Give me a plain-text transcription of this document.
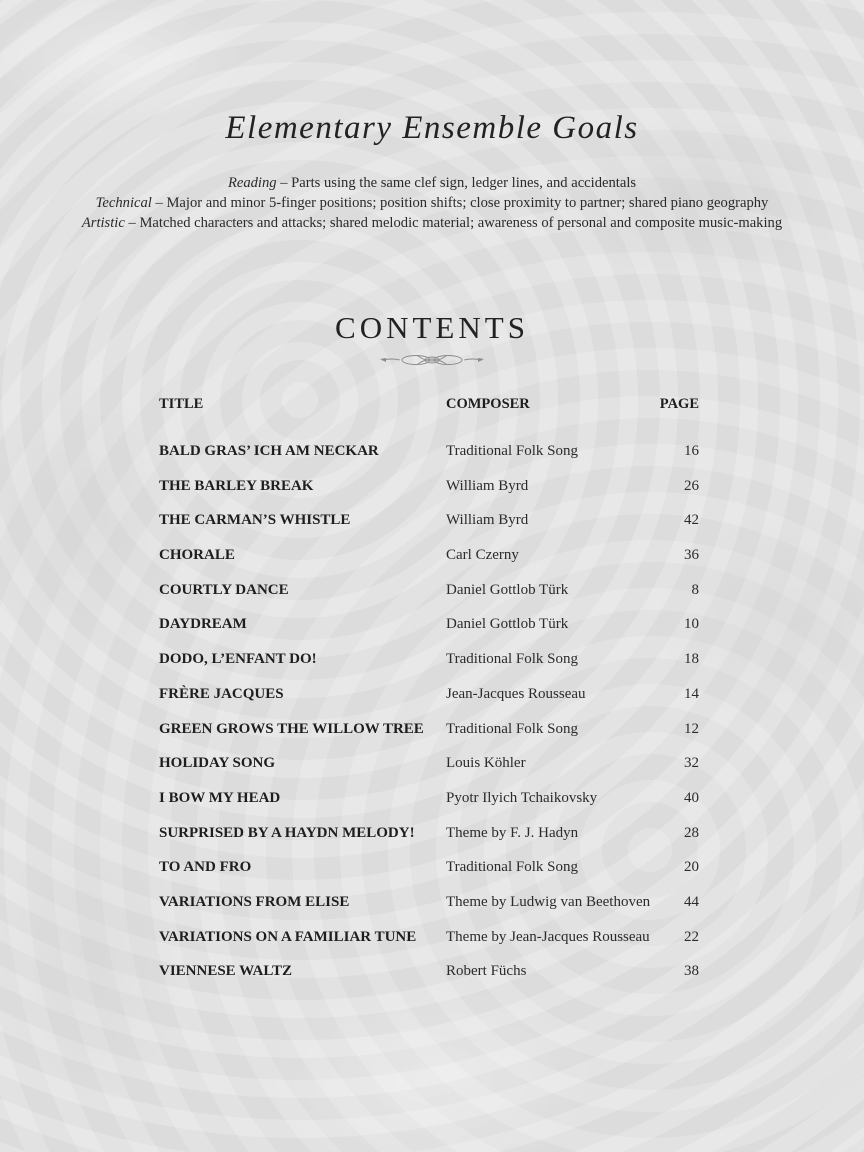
Elementary Ensemble Goals
Reading – Parts using the same clef sign, ledger lines, and accidentals
Technical – Major and minor 5-finger positions; position shifts; close proximity to partner; shared piano geography
Artistic – Matched characters and attacks; shared melodic material; awareness of personal and composite music-making
CONTENTS
TITLE	COMPOSER	PAGE
BALD GRAS’ ICH AM NECKAR	Traditional Folk Song	16
THE BARLEY BREAK	William Byrd	26
THE CARMAN’S WHISTLE	William Byrd	42
CHORALE	Carl Czerny	36
COURTLY DANCE	Daniel Gottlob Türk	8
DAYDREAM	Daniel Gottlob Türk	10
DODO, L’ENFANT DO!	Traditional Folk Song	18
FRÈRE JACQUES	Jean-Jacques Rousseau	14
GREEN GROWS THE WILLOW TREE Traditional Folk Song	12
HOLIDAY SONG	Louis Köhler	32
I BOW MY HEAD	Pyotr Ilyich Tchaikovsky	40
SURPRISED BY A HAYDN MELODY! Theme by F. J. Hadyn	28
TO AND FRO	Traditional Folk Song	20
VARIATIONS FROM ELISE	Theme by Ludwig van Beethoven 44
VARIATIONS ON A FAMILIAR TUNE Theme by Jean-Jacques Rousseau 22
VIENNESE WALTZ	Robert Füchs	38
